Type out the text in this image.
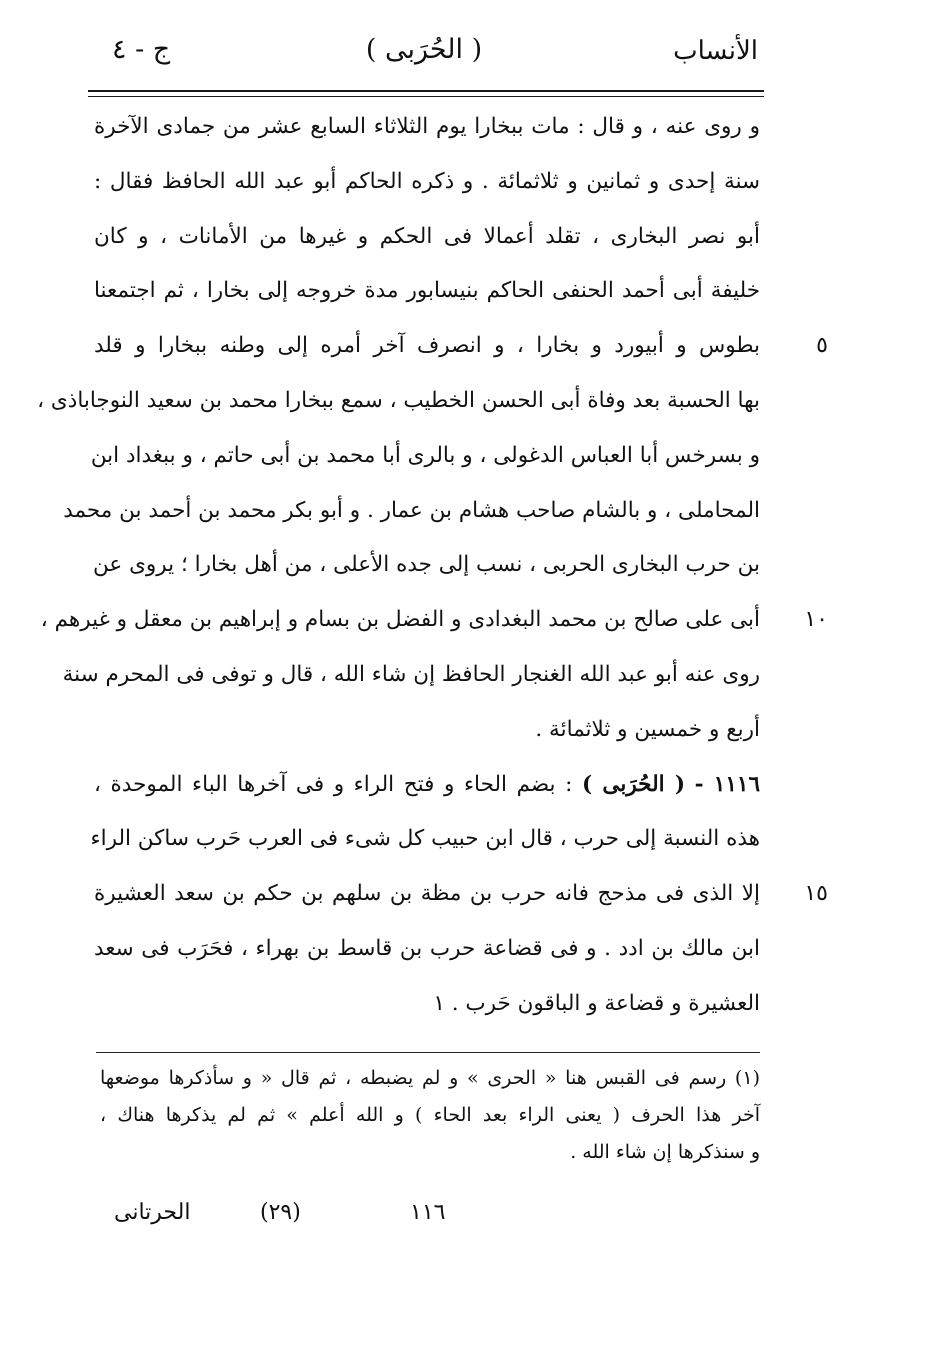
الأنساب
( الحُرَبى )
ج - ٤
و روى عنه ، و قال : مات ببخارا يوم الثلاثاء السابع عشر من جمادى الآخرة
سنة إحدى و ثمانين و ثلاثمائة . و ذكره الحاكم أبو عبد الله الحافظ فقال :
أبو نصر البخارى ، تقلد أعمالا فى الحكم و غيرها من الأمانات ، و كان
خليفة أبى أحمد الحنفى الحاكم بنيسابور مدة خروجه إلى بخارا ، ثم اجتمعنا
٥
بطوس و أبيورد و بخارا ، و انصرف آخر أمره إلى وطنه ببخارا و قلد
بها الحسبة بعد وفاة أبى الحسن الخطيب ، سمع ببخارا محمد بن سعيد النوجاباذى ،
و بسرخس أبا العباس الدغولى ، و بالرى أبا محمد بن أبى حاتم ، و ببغداد ابن
المحاملى ، و بالشام صاحب هشام بن عمار . و أبو بكر محمد بن أحمد بن محمد
بن حرب البخارى الحربى ، نسب إلى جده الأعلى ، من أهل بخارا ؛ يروى عن
١٠
أبى على صالح بن محمد البغدادى و الفضل بن بسام و إبراهيم بن معقل و غيرهم ،
روى عنه أبو عبد الله الغنجار الحافظ إن شاء الله ، قال و توفى فى المحرم سنة
أربع و خمسين و ثلاثمائة .
١١١٦ - ( الحُرَبى ) : بضم الحاء و فتح الراء و فى آخرها الباء الموحدة ،
هذه النسبة إلى حرب ، قال ابن حبيب كل شىء فى العرب حَرب ساكن الراء
١٥
إلا الذى فى مذحج فانه حرب بن مظة بن سلهم بن حكم بن سعد العشيرة
ابن مالك بن ادد . و فى قضاعة حرب بن قاسط بن بهراء ، فحَرَب فى سعد
العشيرة و قضاعة و الباقون حَرب . ١
(١) رسم فى القبس هنا « الحرى » و لم يضبطه ، ثم قال « و سأذكرها موضعها
آخر هذا الحرف ( يعنى الراء بعد الحاء ) و الله أعلم » ثم لم يذكرها هناك ،
و سنذكرها إن شاء الله .
الحرتانى	(٢٩)	١١٦
